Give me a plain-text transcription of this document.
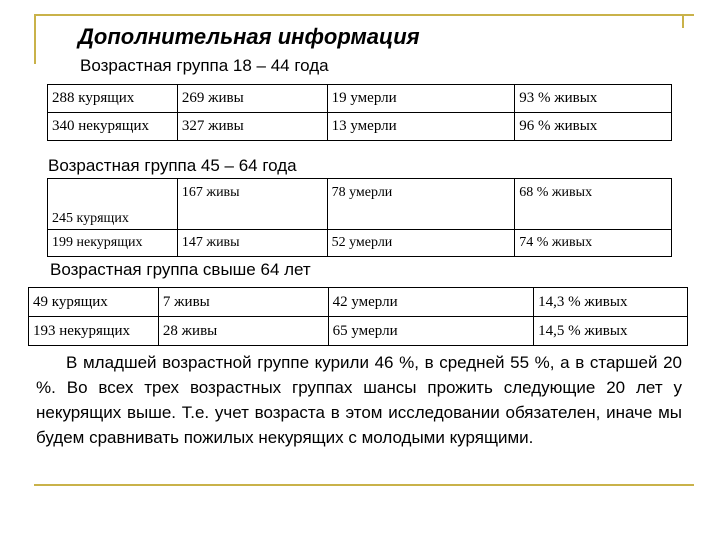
Дополнительная информация
Возрастная группа 18 – 44 года
288 курящих	269 живы	19 умерли	93 % живых
340 некурящих	327 живы	13 умерли	96 % живых
Возрастная группа 45 – 64 года
245 курящих	167 живы	78 умерли	68 % живых
199 некурящих	147 живы	52 умерли	74 % живых
Возрастная группа свыше 64 лет
49 курящих	7 живы	42 умерли	14,3 % живых
193 некурящих	28 живы	65 умерли	14,5 % живых
В младшей возрастной группе курили 46 %, в средней 55 %, а в старшей 20 %. Во всех трех возрастных группах шансы прожить следующие 20 лет у некурящих выше. Т.е. учет возраста в этом исследовании обязателен, иначе мы будем сравнивать пожилых некурящих с молодыми курящими.
